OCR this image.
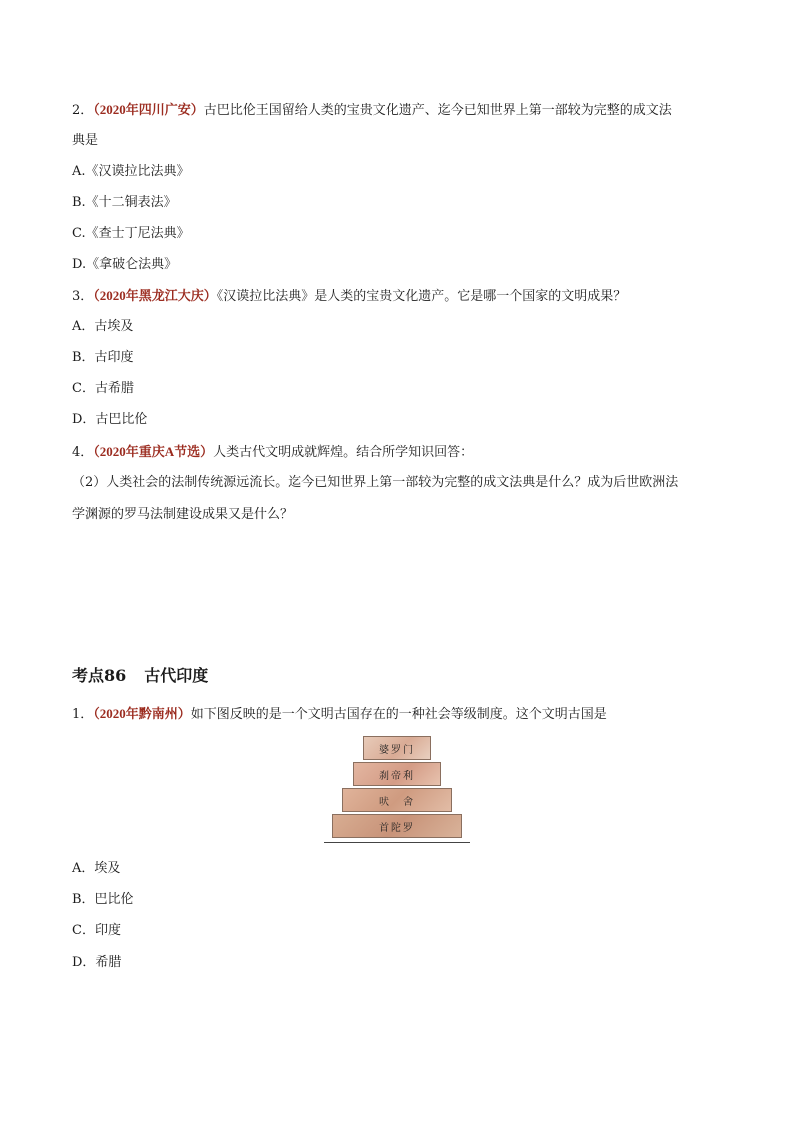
2．（2020年四川广安）古巴比伦王国留给人类的宝贵文化遗产、迄今已知世界上第一部较为完整的成文法
典是
A.《汉谟拉比法典》
B.《十二铜表法》
C.《查士丁尼法典》
D.《拿破仑法典》
3．（2020年黑龙江大庆）《汉谟拉比法典》是人类的宝贵文化遗产。它是哪一个国家的文明成果？
A．古埃及
B．古印度
C．古希腊
D．古巴比伦
4．（2020年重庆A节选）人类古代文明成就辉煌。结合所学知识回答：
（2）人类社会的法制传统源远流长。迄今已知世界上第一部较为完整的成文法典是什么？成为后世欧洲法
学渊源的罗马法制建设成果又是什么？
考点86 古代印度
1．（2020年黔南州）如下图反映的是一个文明古国存在的一种社会等级制度。这个文明古国是
婆罗门
刹帝利
吠　舍
首陀罗
A．埃及
B．巴比伦
C．印度
D．希腊
